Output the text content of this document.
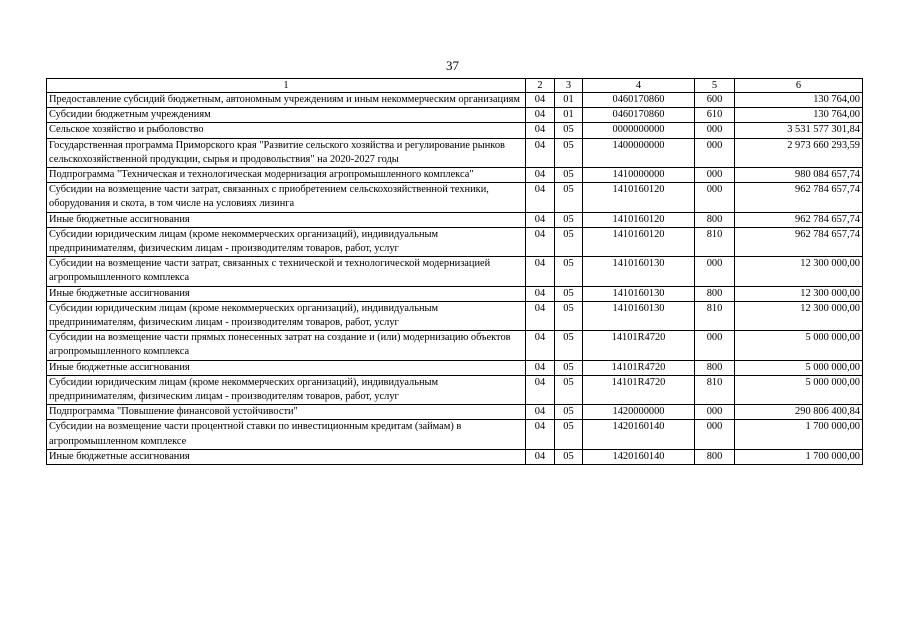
37
1	2	3	4	5	6
Предоставление субсидий бюджетным, автономным учреждениям и иным некоммерческим организациям	04	01	0460170860	600	130 764,00
Субсидии бюджетным учреждениям	04	01	0460170860	610	130 764,00
Сельское хозяйство и рыболовство	04	05	0000000000	000	3 531 577 301,84
Государственная программа Приморского края "Развитие сельского хозяйства и регулирование рынков сельскохозяйственной продукции, сырья и продовольствия" на 2020-2027 годы	04	05	1400000000	000	2 973 660 293,59
Подпрограмма "Техническая и технологическая модернизация агропромышленного комплекса"	04	05	1410000000	000	980 084 657,74
Субсидии на возмещение части затрат, связанных с приобретением сельскохозяйственной техники, оборудования и скота, в том числе на условиях лизинга	04	05	1410160120	000	962 784 657,74
Иные бюджетные ассигнования	04	05	1410160120	800	962 784 657,74
Субсидии юридическим лицам (кроме некоммерческих организаций), индивидуальным предпринимателям, физическим лицам - производителям товаров, работ, услуг	04	05	1410160120	810	962 784 657,74
Субсидии на возмещение части затрат, связанных с технической и технологической модернизацией агропромышленного комплекса	04	05	1410160130	000	12 300 000,00
Иные бюджетные ассигнования	04	05	1410160130	800	12 300 000,00
Субсидии юридическим лицам (кроме некоммерческих организаций), индивидуальным предпринимателям, физическим лицам - производителям товаров, работ, услуг	04	05	1410160130	810	12 300 000,00
Субсидии на возмещение части прямых понесенных затрат на создание и (или) модернизацию объектов агропромышленного комплекса	04	05	14101R4720	000	5 000 000,00
Иные бюджетные ассигнования	04	05	14101R4720	800	5 000 000,00
Субсидии юридическим лицам (кроме некоммерческих организаций), индивидуальным предпринимателям, физическим лицам - производителям товаров, работ, услуг	04	05	14101R4720	810	5 000 000,00
Подпрограмма "Повышение финансовой устойчивости"	04	05	1420000000	000	290 806 400,84
Субсидии на возмещение части процентной ставки по инвестиционным кредитам (займам) в агропромышленном комплексе	04	05	1420160140	000	1 700 000,00
Иные бюджетные ассигнования	04	05	1420160140	800	1 700 000,00
